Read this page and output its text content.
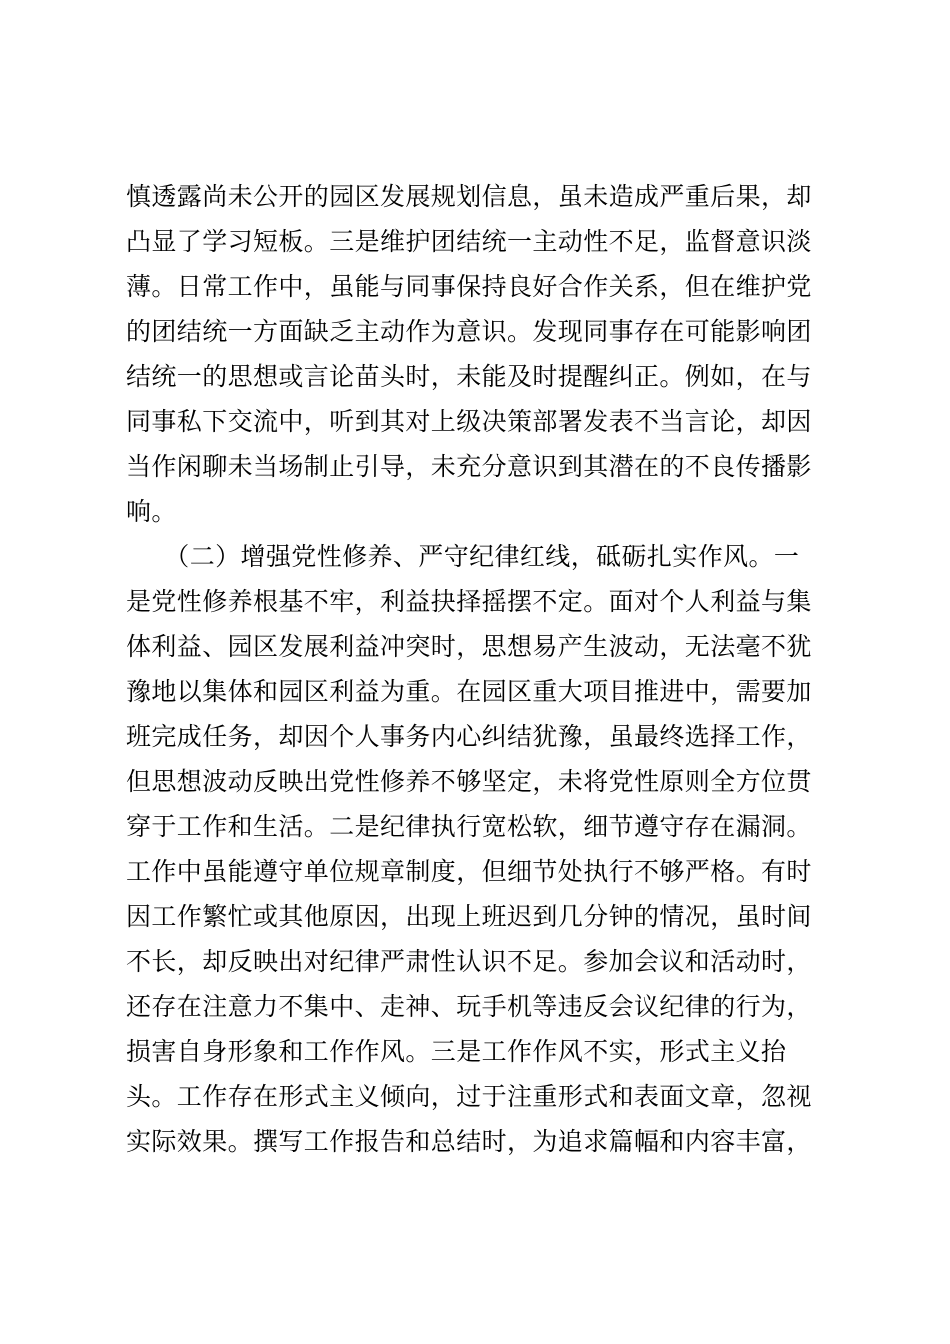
慎透露尚未公开的园区发展规划信息，虽未造成严重后果，却
凸显了学习短板。三是维护团结统一主动性不足，监督意识淡
薄。日常工作中，虽能与同事保持良好合作关系，但在维护党
的团结统一方面缺乏主动作为意识。发现同事存在可能影响团
结统一的思想或言论苗头时，未能及时提醒纠正。例如，在与
同事私下交流中，听到其对上级决策部署发表不当言论，却因
当作闲聊未当场制止引导，未充分意识到其潜在的不良传播影
响。
　　（二）增强党性修养、严守纪律红线，砥砺扎实作风。一
是党性修养根基不牢，利益抉择摇摆不定。面对个人利益与集
体利益、园区发展利益冲突时，思想易产生波动，无法毫不犹
豫地以集体和园区利益为重。在园区重大项目推进中，需要加
班完成任务，却因个人事务内心纠结犹豫，虽最终选择工作，
但思想波动反映出党性修养不够坚定，未将党性原则全方位贯
穿于工作和生活。二是纪律执行宽松软，细节遵守存在漏洞。
工作中虽能遵守单位规章制度，但细节处执行不够严格。有时
因工作繁忙或其他原因，出现上班迟到几分钟的情况，虽时间
不长，却反映出对纪律严肃性认识不足。参加会议和活动时，
还存在注意力不集中、走神、玩手机等违反会议纪律的行为，
损害自身形象和工作作风。三是工作作风不实，形式主义抬
头。工作存在形式主义倾向，过于注重形式和表面文章，忽视
实际效果。撰写工作报告和总结时，为追求篇幅和内容丰富，
